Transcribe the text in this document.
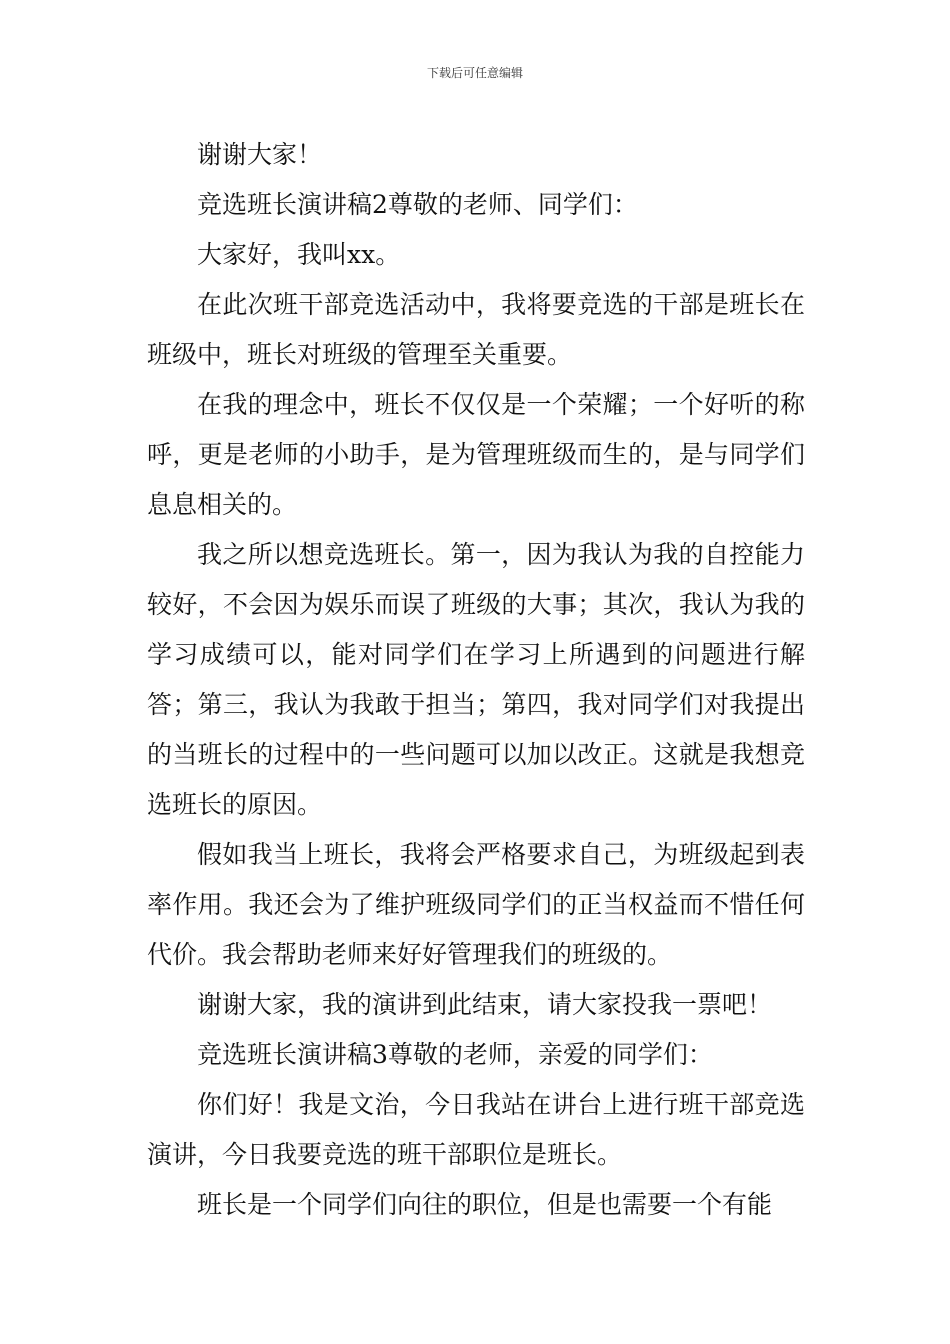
下载后可任意编辑

谢谢大家！

竞选班长演讲稿2尊敬的老师、同学们：

大家好，我叫xx。

在此次班干部竞选活动中，我将要竞选的干部是班长在班级中，班长对班级的管理至关重要。

在我的理念中，班长不仅仅是一个荣耀；一个好听的称呼，更是老师的小助手，是为管理班级而生的，是与同学们息息相关的。

我之所以想竞选班长。第一，因为我认为我的自控能力较好，不会因为娱乐而误了班级的大事；其次，我认为我的学习成绩可以，能对同学们在学习上所遇到的问题进行解答；第三，我认为我敢于担当；第四，我对同学们对我提出的当班长的过程中的一些问题可以加以改正。这就是我想竞选班长的原因。

假如我当上班长，我将会严格要求自己，为班级起到表率作用。我还会为了维护班级同学们的正当权益而不惜任何代价。我会帮助老师来好好管理我们的班级的。

谢谢大家，我的演讲到此结束，请大家投我一票吧！

竞选班长演讲稿3尊敬的老师，亲爱的同学们：

你们好！我是文治，今日我站在讲台上进行班干部竞选演讲，今日我要竞选的班干部职位是班长。

班长是一个同学们向往的职位，但是也需要一个有能
